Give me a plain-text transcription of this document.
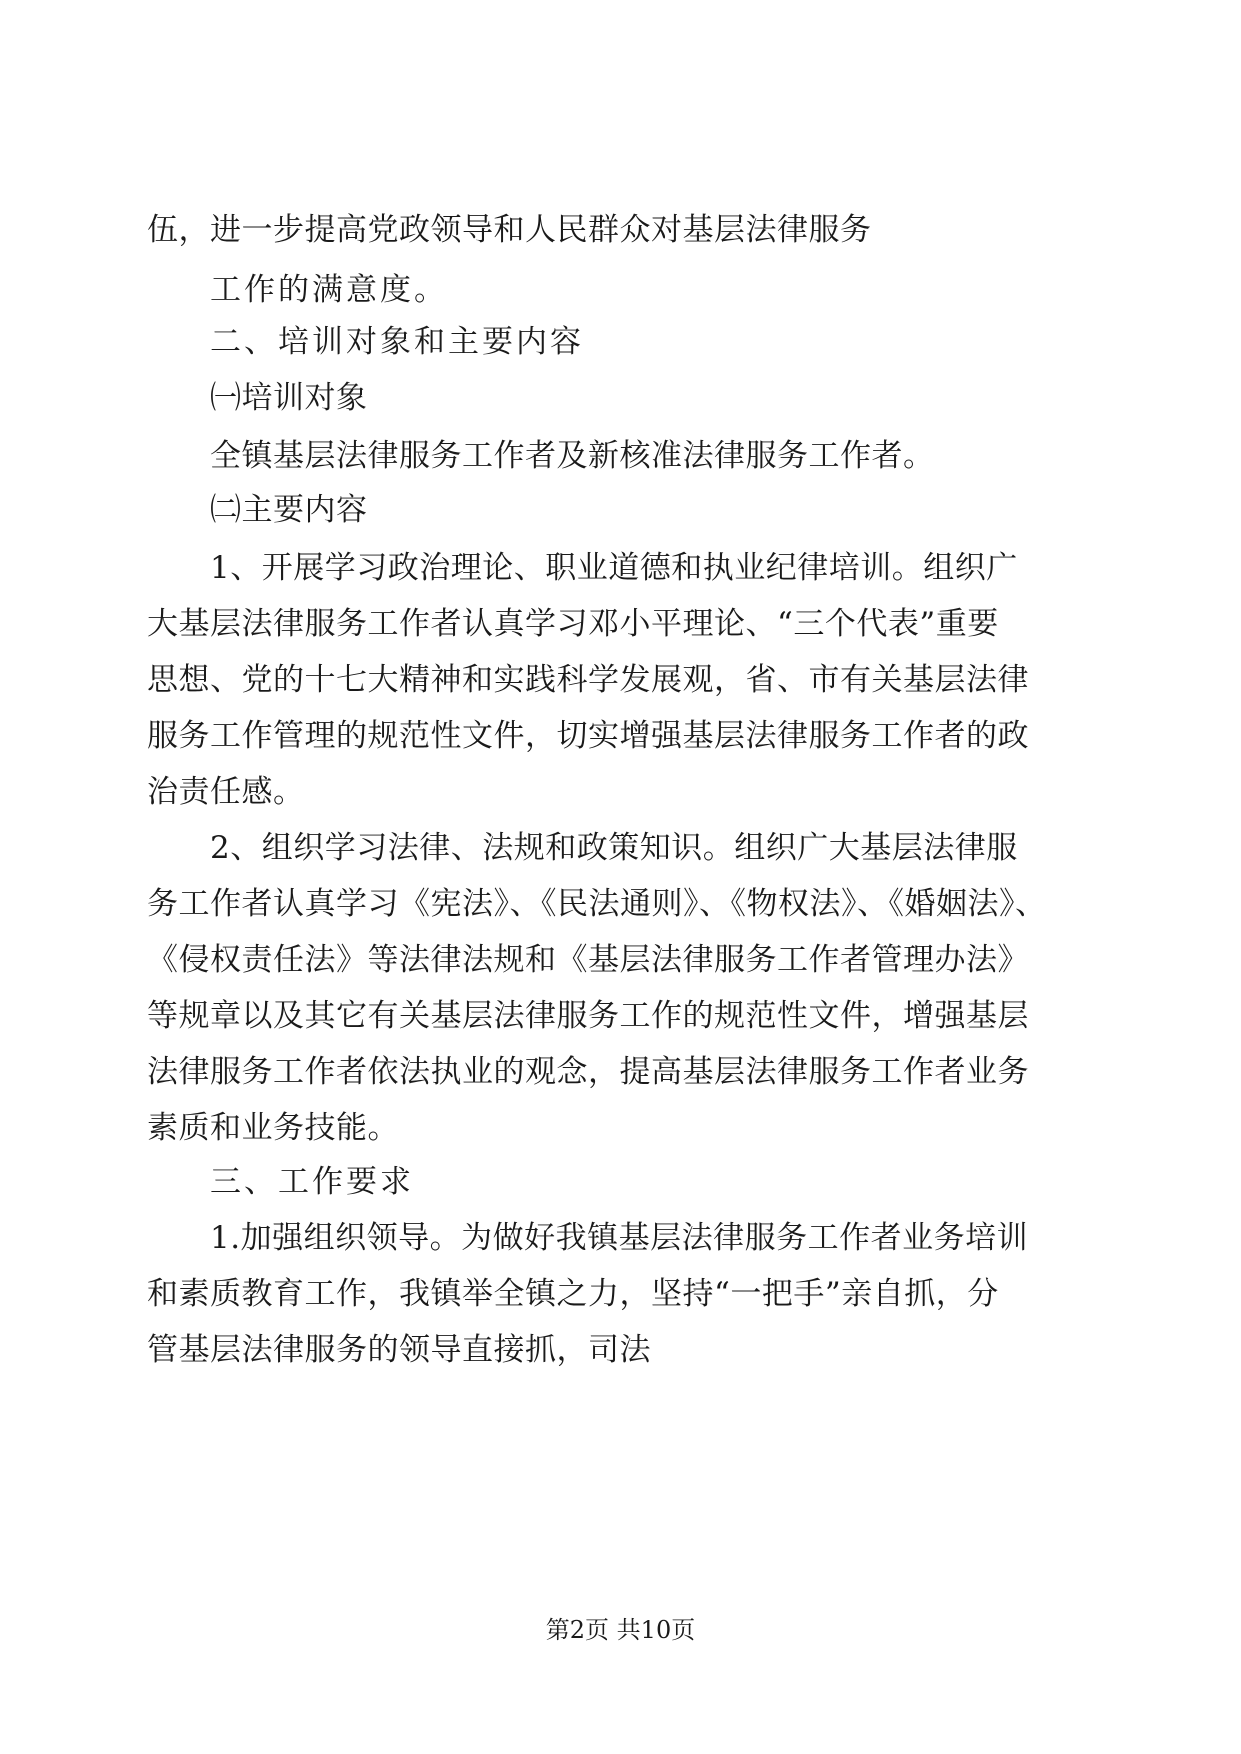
伍，进一步提高党政领导和人民群众对基层法律服务
工作的满意度。
二、培训对象和主要内容
㈠培训对象
全镇基层法律服务工作者及新核准法律服务工作者。
㈡主要内容
1、开展学习政治理论、职业道德和执业纪律培训。组织广
大基层法律服务工作者认真学习邓小平理论、“三个代表”重要
思想、党的十七大精神和实践科学发展观，省、市有关基层法律
服务工作管理的规范性文件，切实增强基层法律服务工作者的政
治责任感。
2、组织学习法律、法规和政策知识。组织广大基层法律服
务工作者认真学习《宪法》、《民法通则》、《物权法》、《婚姻法》、
《侵权责任法》等法律法规和《基层法律服务工作者管理办法》
等规章以及其它有关基层法律服务工作的规范性文件，增强基层
法律服务工作者依法执业的观念，提高基层法律服务工作者业务
素质和业务技能。
三、工作要求
1.加强组织领导。为做好我镇基层法律服务工作者业务培训
和素质教育工作，我镇举全镇之力，坚持“一把手”亲自抓，分
管基层法律服务的领导直接抓，司法
第2页 共10页
